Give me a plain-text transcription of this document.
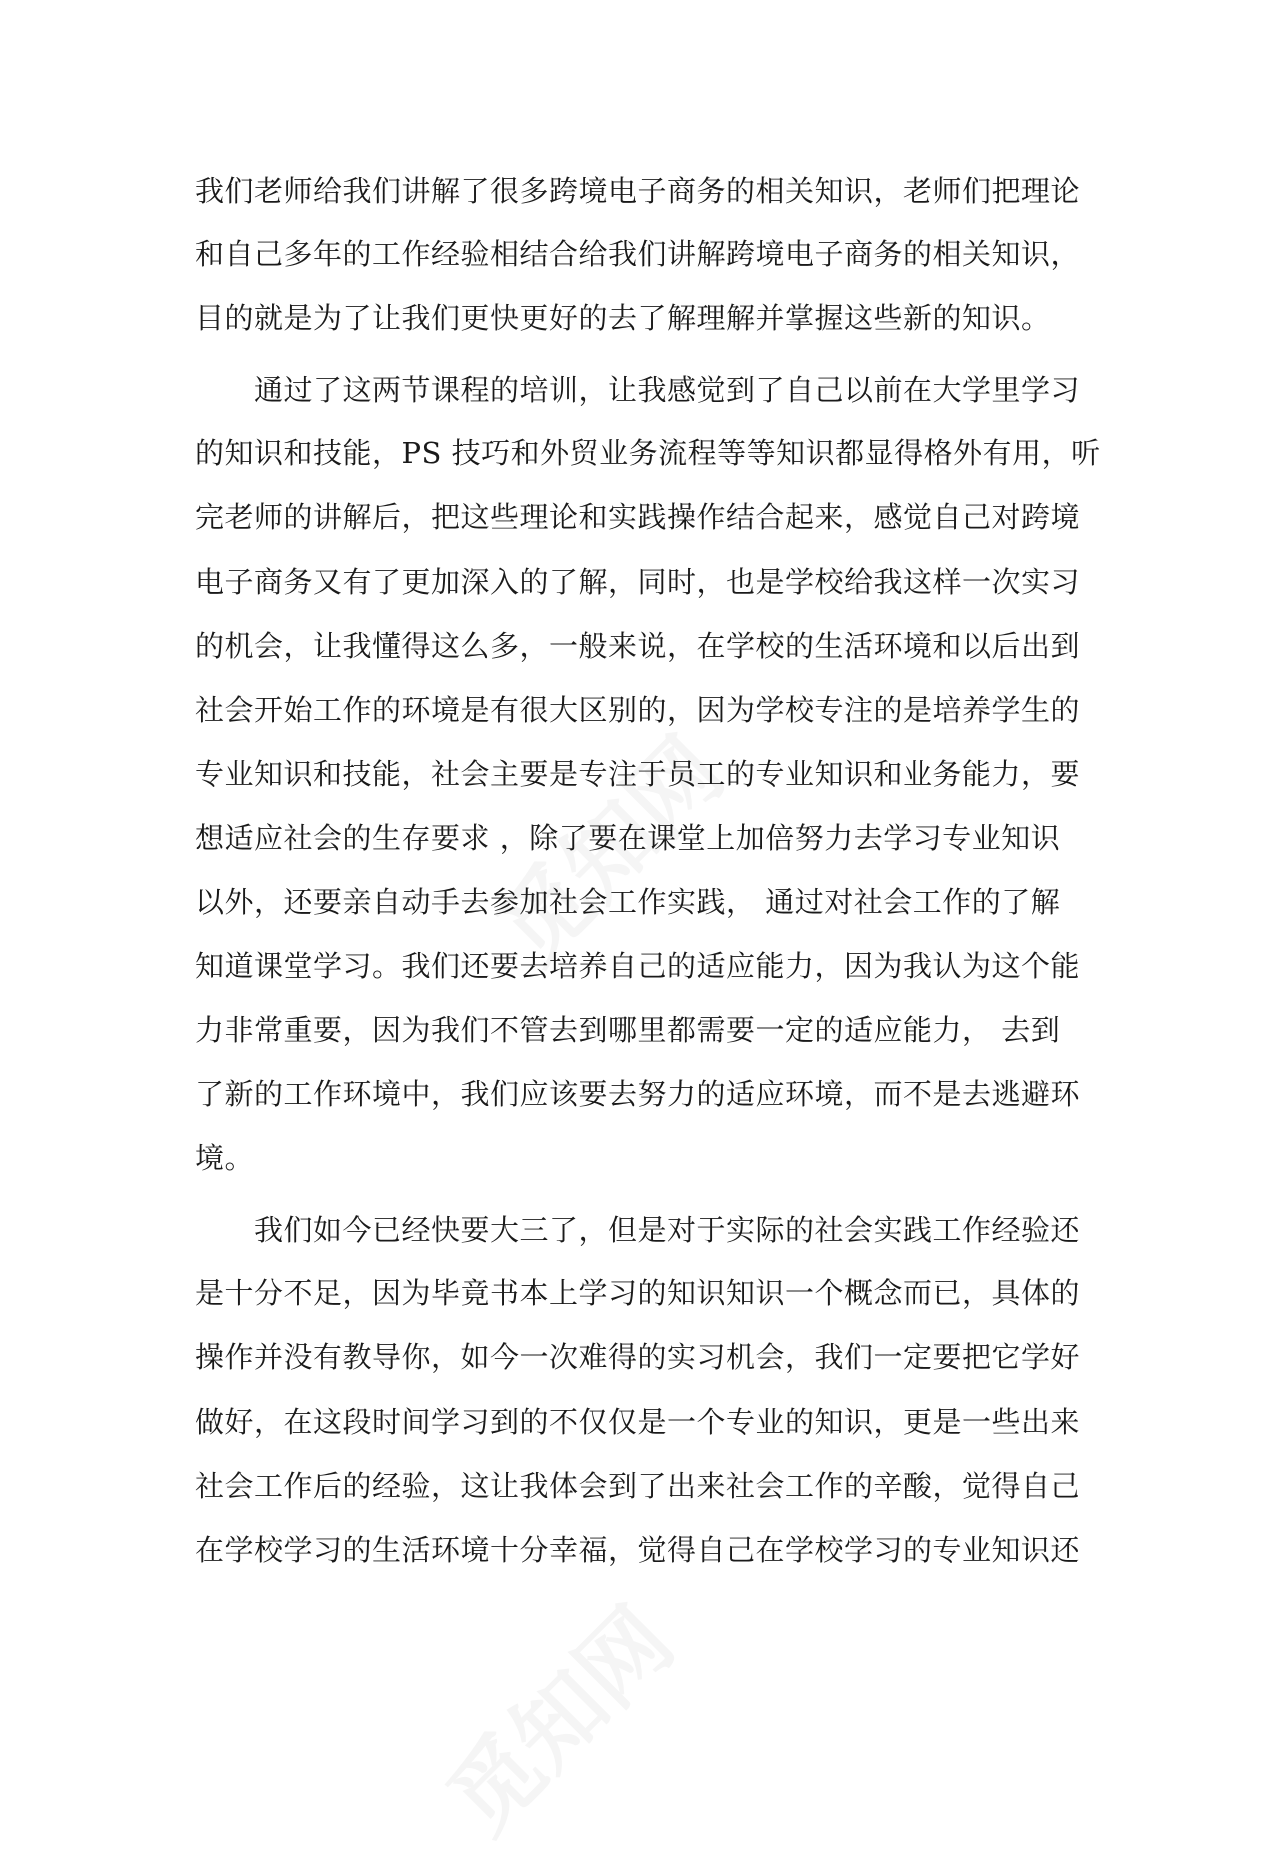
我们老师给我们讲解了很多跨境电子商务的相关知识，老师们把理论
和自己多年的工作经验相结合给我们讲解跨境电子商务的相关知识，
目的就是为了让我们更快更好的去了解理解并掌握这些新的知识。
通过了这两节课程的培训，让我感觉到了自己以前在大学里学习
的知识和技能，PS 技巧和外贸业务流程等等知识都显得格外有用，听
完老师的讲解后，把这些理论和实践操作结合起来，感觉自己对跨境
电子商务又有了更加深入的了解，同时，也是学校给我这样一次实习
的机会，让我懂得这么多，一般来说，在学校的生活环境和以后出到
社会开始工作的环境是有很大区别的，因为学校专注的是培养学生的
专业知识和技能，社会主要是专注于员工的专业知识和业务能力，要
想适应社会的生存要求 ，除了要在课堂上加倍努力去学习专业知识
以外，还要亲自动手去参加社会工作实践， 通过对社会工作的了解
知道课堂学习。我们还要去培养自己的适应能力，因为我认为这个能
力非常重要，因为我们不管去到哪里都需要一定的适应能力， 去到
了新的工作环境中，我们应该要去努力的适应环境，而不是去逃避环
境。
我们如今已经快要大三了，但是对于实际的社会实践工作经验还
是十分不足，因为毕竟书本上学习的知识知识一个概念而已，具体的
操作并没有教导你，如今一次难得的实习机会，我们一定要把它学好
做好，在这段时间学习到的不仅仅是一个专业的知识，更是一些出来
社会工作后的经验，这让我体会到了出来社会工作的辛酸，觉得自己
在学校学习的生活环境十分幸福，觉得自己在学校学习的专业知识还
